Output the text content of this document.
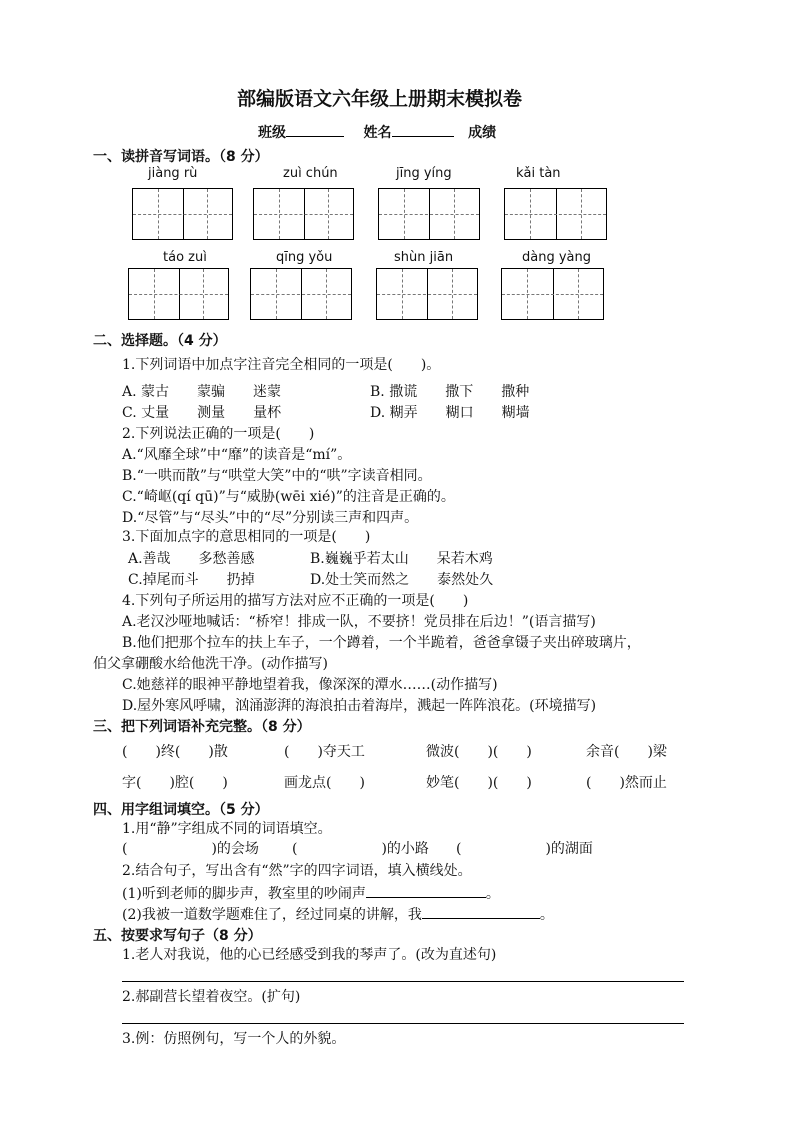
部编版语文六年级上册期末模拟卷
班级	姓名	成绩
一、读拼音写词语。（8 分）
jiàng rù	zuì chún	jīng yíng	kǎi tàn
táo zuì	qīng yǒu	shùn jiān	dàng yàng
二、选择题。（4 分）
1.下列词语中加点字注音完全相同的一项是(　　)。
A. 蒙古　　蒙骗　　迷蒙	B. 撒谎　　撒下　　撒种
C. 丈量　　测量　　量杯	D. 糊弄　　糊口　　糊墙
2.下列说法正确的一项是(　　)
A.“风靡全球”中“靡”的读音是“mí”。
B.“一哄而散”与“哄堂大笑”中的“哄”字读音相同。
C.“崎岖(qí qū)”与“威胁(wēi xié)”的注音是正确的。
D.“尽管”与“尽头”中的“尽”分别读三声和四声。
3.下面加点字的意思相同的一项是(　　)
A.善哉　　多愁善感	B.巍巍乎若太山　　呆若木鸡
C.掉尾而斗　　扔掉	D.处士笑而然之　　泰然处久
4.下列句子所运用的描写方法对应不正确的一项是(　　)
A.老汉沙哑地喊话：“桥窄！排成一队，不要挤！党员排在后边！”(语言描写)
B.他们把那个拉车的扶上车子，一个蹲着，一个半跪着，爸爸拿镊子夹出碎玻璃片，
伯父拿硼酸水给他洗干净。(动作描写)
C.她慈祥的眼神平静地望着我，像深深的潭水……(动作描写)
D.屋外寒风呼啸，汹涌澎湃的海浪拍击着海岸，溅起一阵阵浪花。(环境描写)
三、把下列词语补充完整。（8 分）
(　　)终(　　)散	(　　)夺天工	微波(　　)(　　)	余音(　　)梁
字(　　)腔(　　)	画龙点(　　)	妙笔(　　)(　　)	(　　)然而止
四、用字组词填空。（5 分）
1.用“静”字组成不同的词语填空。
(　　　　　　)的会场 (　　　　　　)的小路 (　　　　　　)的湖面
2.结合句子，写出含有“然”字的四字词语，填入横线处。
(1)听到老师的脚步声，教室里的吵闹声	。
(2)我被一道数学题难住了，经过同桌的讲解，我	。
五、按要求写句子（8 分）
1.老人对我说，他的心已经感受到我的琴声了。(改为直述句)
2.郝副营长望着夜空。(扩句)
3.例：仿照例句，写一个人的外貌。
